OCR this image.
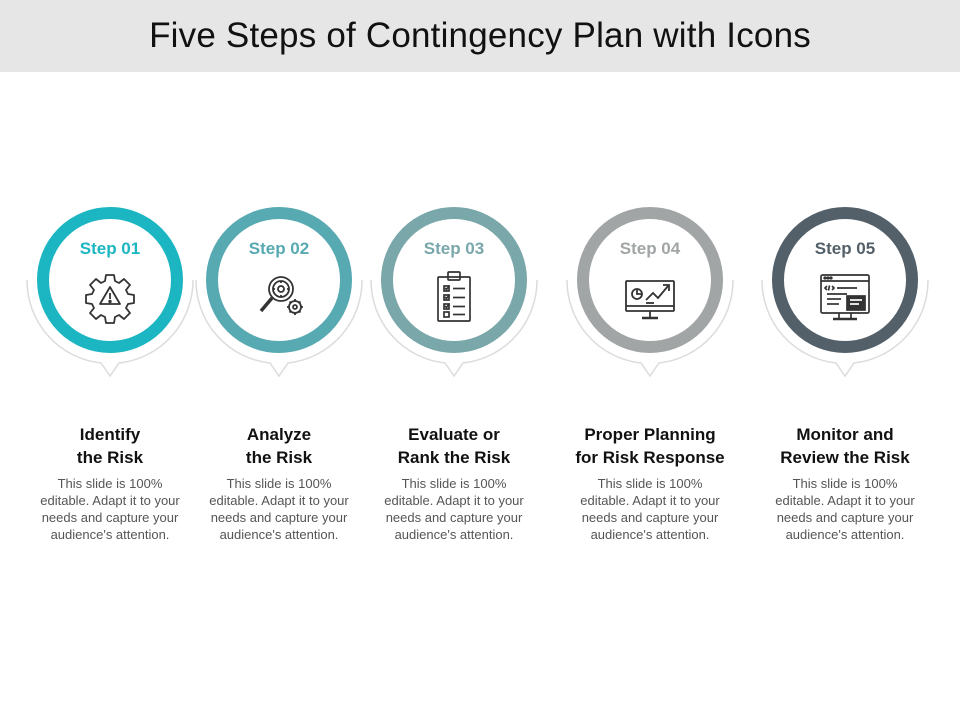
Five Steps of Contingency Plan with Icons
Step 01
Identify
the Risk
This slide is 100%
editable. Adapt it to your
needs and capture your
audience's attention.
Step 02
Analyze
the Risk
This slide is 100%
editable. Adapt it to your
needs and capture your
audience's attention.
Step 03
Evaluate or
Rank the Risk
This slide is 100%
editable. Adapt it to your
needs and capture your
audience's attention.
Step 04
Proper Planning
for Risk Response
This slide is 100%
editable. Adapt it to your
needs and capture your
audience's attention.
Step 05
Monitor and
Review the Risk
This slide is 100%
editable. Adapt it to your
needs and capture your
audience's attention.
